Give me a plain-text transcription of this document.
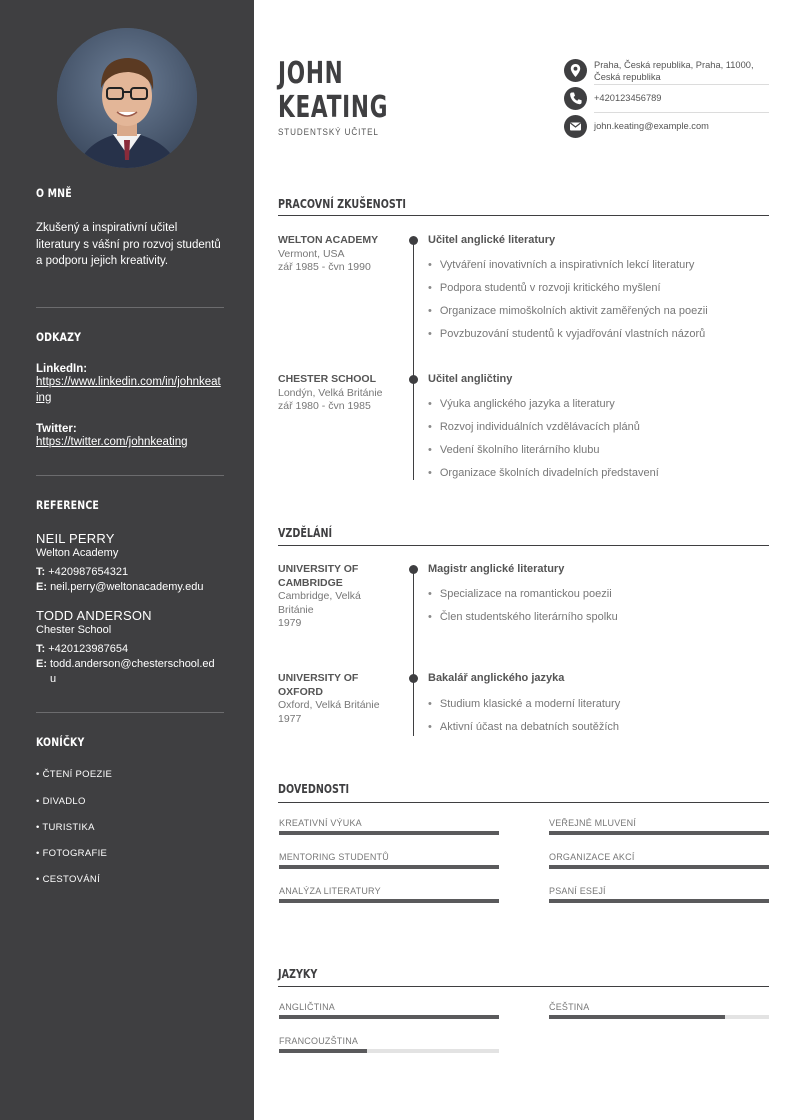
O MNĚ
Zkušený a inspirativní učitel literatury s vášní pro rozvoj studentů a podporu jejich kreativity.
ODKAZY
LinkedIn:
https://www.linkedin.com/in/johnkeating
Twitter:
https://twitter.com/johnkeating
REFERENCE
NEIL PERRY
Welton Academy
T: +420987654321
E: neil.perry@weltonacademy.edu
TODD ANDERSON
Chester School
T: +420123987654
E: todd.anderson@chesterschool.edu
KONÍČKY
• ČTENÍ POEZIE
• DIVADLO
• TURISTIKA
• FOTOGRAFIE
• CESTOVÁNÍ
JOHN
KEATING
STUDENTSKÝ UČITEL
Praha, Česká republika, Praha, 11000, Česká republika
+420123456789
john.keating@example.com
PRACOVNÍ ZKUŠENOSTI
WELTON ACADEMY
Vermont, USA
zář 1985 - čvn 1990
Učitel anglické literatury
• Vytváření inovativních a inspirativních lekcí literatury
• Podpora studentů v rozvoji kritického myšlení
• Organizace mimoškolních aktivit zaměřených na poezii
• Povzbuzování studentů k vyjadřování vlastních názorů
CHESTER SCHOOL
Londýn, Velká Británie
zář 1980 - čvn 1985
Učitel angličtiny
• Výuka anglického jazyka a literatury
• Rozvoj individuálních vzdělávacích plánů
• Vedení školního literárního klubu
• Organizace školních divadelních představení
VZDĚLÁNÍ
UNIVERSITY OF CAMBRIDGE
Cambridge, Velká Británie
1979
Magistr anglické literatury
• Specializace na romantickou poezii
• Člen studentského literárního spolku
UNIVERSITY OF OXFORD
Oxford, Velká Británie
1977
Bakalář anglického jazyka
• Studium klasické a moderní literatury
• Aktivní účast na debatních soutěžích
DOVEDNOSTI
KREATIVNÍ VÝUKA	VEŘEJNÉ MLUVENÍ
MENTORING STUDENTŮ	ORGANIZACE AKCÍ
ANALÝZA LITERATURY	PSANÍ ESEJÍ
JAZYKY
ANGLIČTINA	ČEŠTINA
FRANCOUZŠTINA
